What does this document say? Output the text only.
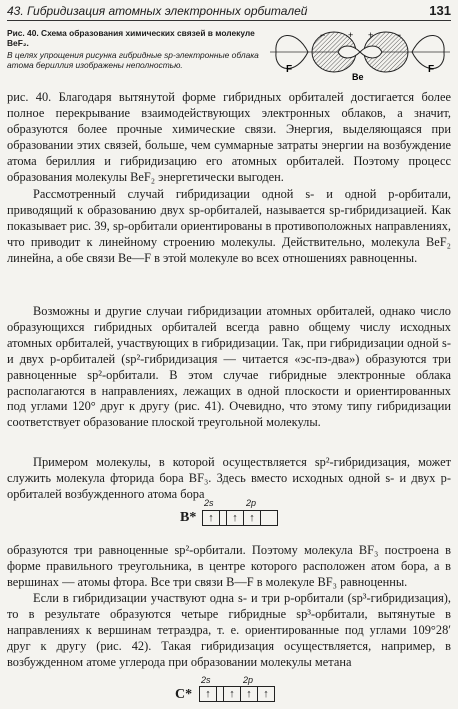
43. Гибридизация атомных электронных орбиталей	131
Рис. 40. Схема образования химических связей в молекуле BeF₂.
В целях упрощения рисунка гибридные sp-электронные облака атома бериллия изображены неполностью.
+
−	+	−
F
Be
F

рис. 40. Благодаря вытянутой форме гибридных орбиталей достигается более полное перекрывание взаимодействующих электронных облаков, а значит, образуются более прочные химические связи. Энергия, выделяющаяся при образовании этих связей, больше, чем суммарные затраты энергии на возбуждение атома бериллия и гибридизацию его атомных орбиталей. Поэтому процесс образования молекулы BeF₂ энергетически выгоден.

Рассмотренный случай гибридизации одной s- и одной p-орбитали, приводящий к образованию двух sp-орбиталей, называется sp-гибридизацией. Как показывает рис. 39, sp-орбитали ориентированы в противоположных направлениях, что приводит к линейному строению молекулы. Действительно, молекула BeF₂ линейна, а обе связи Be—F в этой молекуле во всех отношениях равноценны.

Возможны и другие случаи гибридизации атомных орбиталей, однако число образующихся гибридных орбиталей всегда равно общему числу исходных атомных орбиталей, участвующих в гибридизации. Так, при гибридизации одной s- и двух p-орбиталей (sp²-гибридизация — читается «эс-пэ-два») образуются три равноценные sp²-орбитали. В этом случае гибридные электронные облака располагаются в направлениях, лежащих в одной плоскости и ориентированных под углами 120° друг к другу (рис. 41). Очевидно, что этому типу гибридизации соответствует образование плоской треугольной молекулы.

Примером молекулы, в которой осуществляется sp²-гибридизация, может служить молекула фторида бора BF₃. Здесь вместо исходных одной s- и двух p-орбиталей возбужденного атома бора

B*
2s	2p
↑	↑	↑

образуются три равноценные sp²-орбитали. Поэтому молекула BF₃ построена в форме правильного треугольника, в центре которого расположен атом бора, а в вершинах — атомы фтора. Все три связи B—F в молекуле BF₃ равноценны.

Если в гибридизации участвуют одна s- и три p-орбитали (sp³-гибридизация), то в результате образуются четыре гибридные sp³-орбитали, вытянутые в направлениях к вершинам тетраэдра, т. е. ориентированные под углами 109°28′ друг к другу (рис. 42). Такая гибридизация осуществляется, например, в возбужденном атоме углерода при образовании молекулы метана

C*
2s	2p
↑	↑	↑	↑
